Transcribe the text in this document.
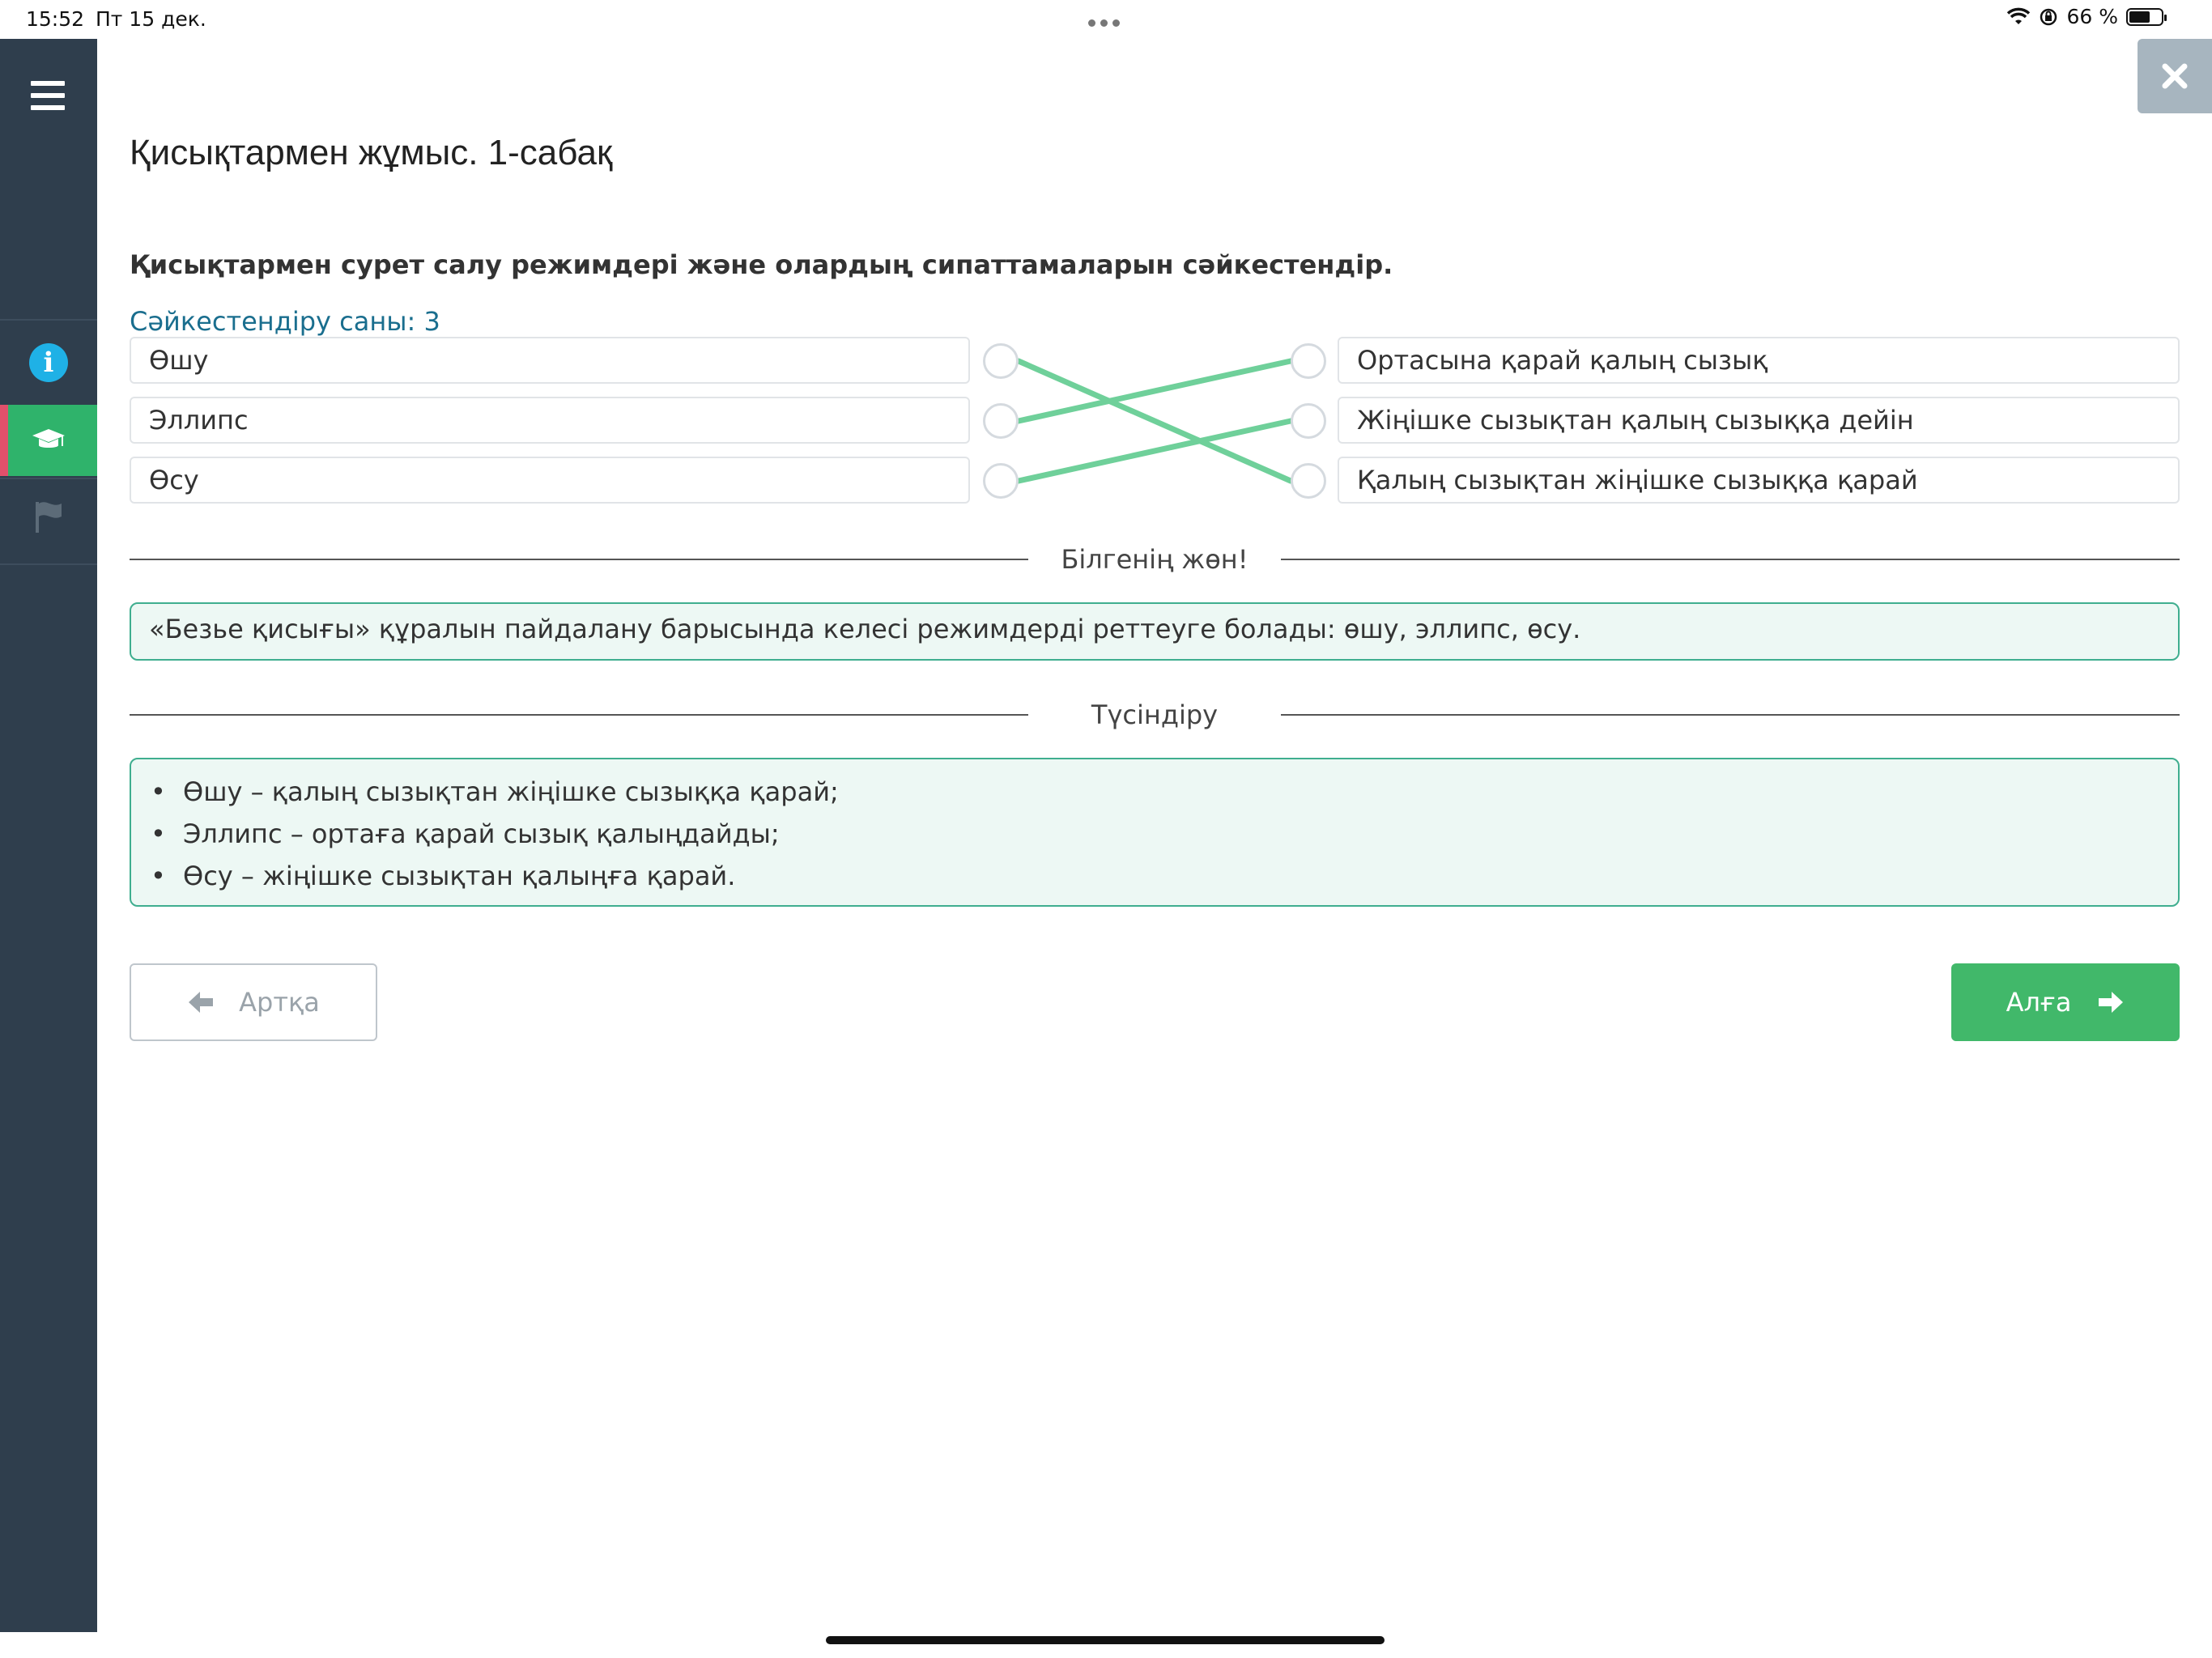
15:52 Пт 15 дек.	66 %
i
Қисықтармен жұмыс. 1-сабақ
Қисықтармен сурет салу режимдері және олардың сипаттамаларын сәйкестендір.
Сәйкестендіру саны: 3
Өшу
Эллипс
Өсу
Ортасына қарай қалың сызық
Жіңішке сызықтан қалың сызыққа дейін
Қалың сызықтан жіңішке сызыққа қарай
Білгенің жөн!
«Безье қисығы» құралын пайдалану барысында келесі режимдерді реттеуге болады: өшу, эллипс, өсу.
Түсіндіру
• Өшу – қалың сызықтан жіңішке сызыққа қарай;
• Эллипс – ортаға қарай сызық қалыңдайды;
• Өсу – жіңішке сызықтан қалыңға қарай.
Артқа	Алға
